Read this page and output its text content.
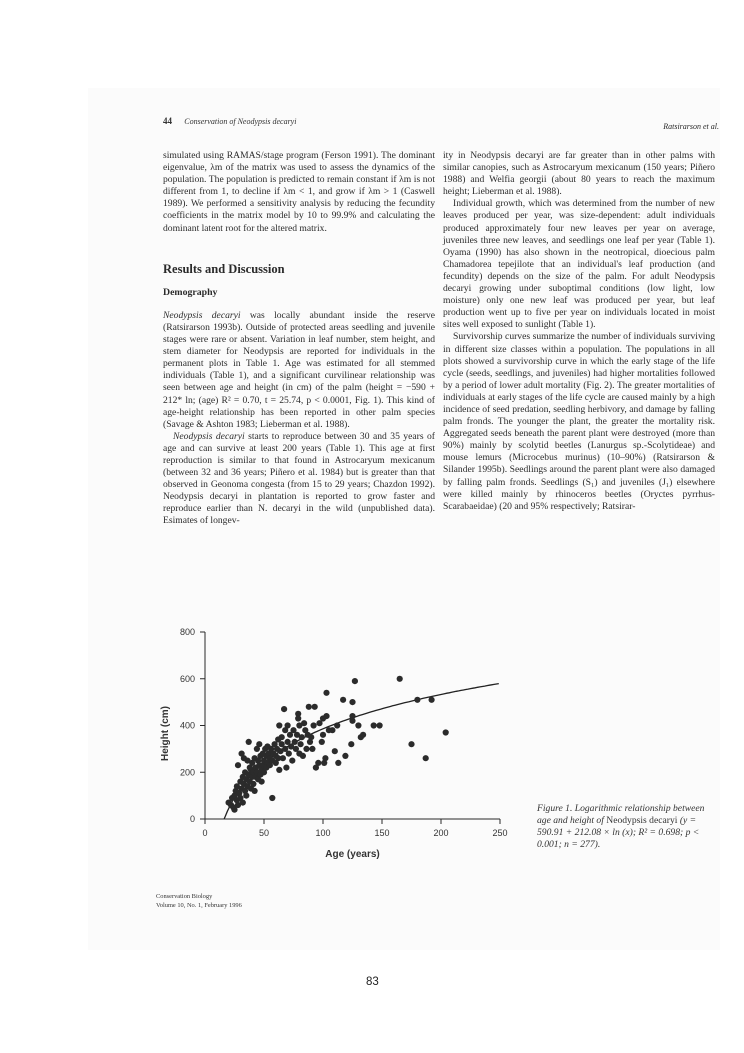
44 Conservation of Neodypsis decaryi
Ratsirarson et al.

simulated using RAMAS/stage program (Ferson 1991). The dominant eigenvalue, λm of the matrix was used to assess the dynamics of the population. The population is predicted to remain constant if λm is not different from 1, to decline if λm < 1, and grow if λm > 1 (Caswell 1989). We performed a sensitivity analysis by reducing the fecundity coefficients in the matrix model by 10 to 99.9% and calculating the dominant latent root for the altered matrix.

Results and Discussion

Demography

Neodypsis decaryi was locally abundant inside the reserve (Ratsirarson 1993b). Outside of protected areas seedling and juvenile stages were rare or absent. Variation in leaf number, stem height, and stem diameter for Neodypsis are reported for individuals in the permanent plots in Table 1. Age was estimated for all stemmed individuals (Table 1), and a significant curvilinear relationship was seen between age and height (in cm) of the palm (height = −590 + 212* ln; (age) R² = 0.70, t = 25.74, p < 0.0001, Fig. 1). This kind of age-height relationship has been reported in other palm species (Savage & Ashton 1983; Lieberman et al. 1988).

Neodypsis decaryi starts to reproduce between 30 and 35 years of age and can survive at least 200 years (Table 1). This age at first reproduction is similar to that found in Astrocaryum mexicanum (between 32 and 36 years; Piñero et al. 1984) but is greater than that observed in Geonoma congesta (from 15 to 29 years; Chazdon 1992). Neodypsis decaryi in plantation is reported to grow faster and reproduce earlier than N. decaryi in the wild (unpublished data). Esimates of longev-

ity in Neodypsis decaryi are far greater than in other palms with similar canopies, such as Astrocaryum mexicanum (150 years; Piñero 1988) and Welfia georgii (about 80 years to reach the maximum height; Lieberman et al. 1988).

Individual growth, which was determined from the number of new leaves produced per year, was size-dependent: adult individuals produced approximately four new leaves per year on average, juveniles three new leaves, and seedlings one leaf per year (Table 1). Oyama (1990) has also shown in the neotropical, dioecious palm Chamadorea tepejilote that an individual's leaf production (and fecundity) depends on the size of the palm. For adult Neodypsis decaryi growing under suboptimal conditions (low light, low moisture) only one new leaf was produced per year, but leaf production went up to five per year on individuals located in moist sites well exposed to sunlight (Table 1).

Survivorship curves summarize the number of individuals surviving in different size classes within a population. The populations in all plots showed a survivorship curve in which the early stage of the life cycle (seeds, seedlings, and juveniles) had higher mortalities followed by a period of lower adult mortality (Fig. 2). The greater mortalities of individuals at early stages of the life cycle are caused mainly by a high incidence of seed predation, seedling herbivory, and damage by falling palm fronds. The younger the plant, the greater the mortality risk. Aggregated seeds beneath the parent plant were destroyed (more than 90%) mainly by scolytid beetles (Lanurgus sp.-Scolytideae) and mouse lemurs (Microcebus murinus) (10–90%) (Ratsirarson & Silander 1995b). Seedlings around the parent plant were also damaged by falling palm fronds. Seedlings (S₁) and juveniles (J₁) elsewhere were killed mainly by rhinoceros beetles (Oryctes pyrrhus-Scarabaeidae) (20 and 95% respectively; Ratsirar-

0	50	100	150	200	250
0
200
400
600
800
Age (years)
Height (cm)
Figure 1. Logarithmic relationship between age and height of Neodypsis decaryi (y = 590.91 + 212.08 × ln (x); R² = 0.698; p < 0.001; n = 277).
Conservation Biology
Volume 10, No. 1, February 1996
83
